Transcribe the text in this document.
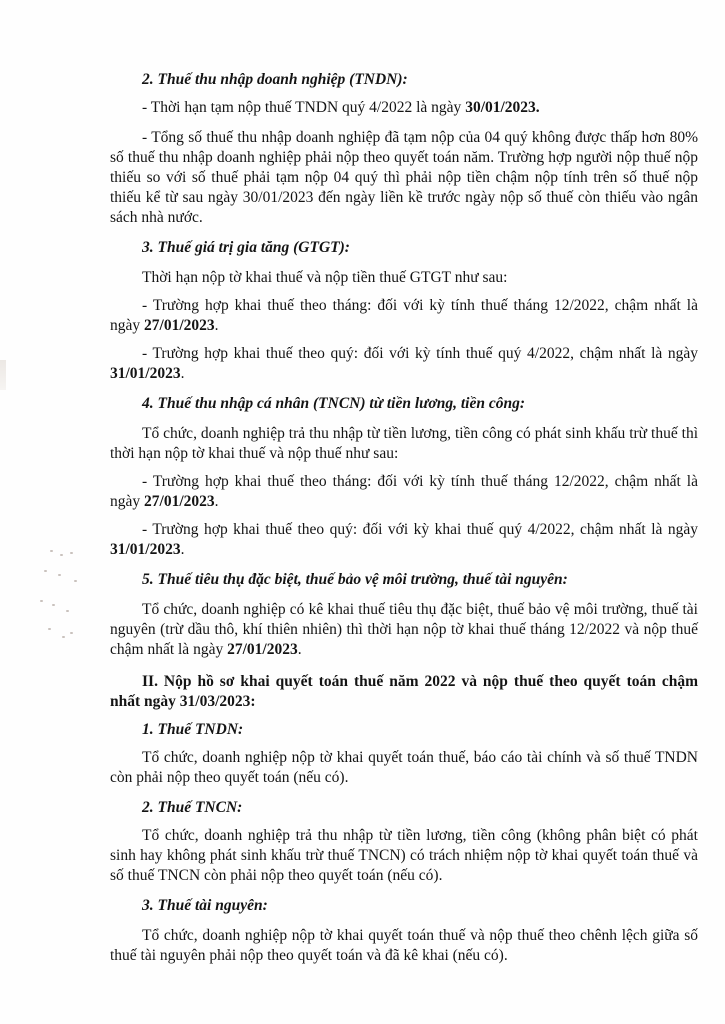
2. Thuế thu nhập doanh nghiệp (TNDN):

- Thời hạn tạm nộp thuế TNDN quý 4/2022 là ngày 30/01/2023.

- Tổng số thuế thu nhập doanh nghiệp đã tạm nộp của 04 quý không được thấp hơn 80% số thuế thu nhập doanh nghiệp phải nộp theo quyết toán năm. Trường hợp người nộp thuế nộp thiếu so với số thuế phải tạm nộp 04 quý thì phải nộp tiền chậm nộp tính trên số thuế nộp thiếu kể từ sau ngày 30/01/2023 đến ngày liền kề trước ngày nộp số thuế còn thiếu vào ngân sách nhà nước.

3. Thuế giá trị gia tăng (GTGT):

Thời hạn nộp tờ khai thuế và nộp tiền thuế GTGT như sau:

- Trường hợp khai thuế theo tháng: đối với kỳ tính thuế tháng 12/2022, chậm nhất là ngày 27/01/2023.

- Trường hợp khai thuế theo quý: đối với kỳ tính thuế quý 4/2022, chậm nhất là ngày 31/01/2023.

4. Thuế thu nhập cá nhân (TNCN) từ tiền lương, tiền công:

Tổ chức, doanh nghiệp trả thu nhập từ tiền lương, tiền công có phát sinh khấu trừ thuế thì thời hạn nộp tờ khai thuế và nộp thuế như sau:

- Trường hợp khai thuế theo tháng: đối với kỳ tính thuế tháng 12/2022, chậm nhất là ngày 27/01/2023.

- Trường hợp khai thuế theo quý: đối với kỳ khai thuế quý 4/2022, chậm nhất là ngày 31/01/2023.

5. Thuế tiêu thụ đặc biệt, thuế bảo vệ môi trường, thuế tài nguyên:

Tổ chức, doanh nghiệp có kê khai thuế tiêu thụ đặc biệt, thuế bảo vệ môi trường, thuế tài nguyên (trừ dầu thô, khí thiên nhiên) thì thời hạn nộp tờ khai thuế tháng 12/2022 và nộp thuế chậm nhất là ngày 27/01/2023.

II. Nộp hồ sơ khai quyết toán thuế năm 2022 và nộp thuế theo quyết toán chậm nhất ngày 31/03/2023:

1. Thuế TNDN:

Tổ chức, doanh nghiệp nộp tờ khai quyết toán thuế, báo cáo tài chính và số thuế TNDN còn phải nộp theo quyết toán (nếu có).

2. Thuế TNCN:

Tổ chức, doanh nghiệp trả thu nhập từ tiền lương, tiền công (không phân biệt có phát sinh hay không phát sinh khấu trừ thuế TNCN) có trách nhiệm nộp tờ khai quyết toán thuế và số thuế TNCN còn phải nộp theo quyết toán (nếu có).

3. Thuế tài nguyên:

Tổ chức, doanh nghiệp nộp tờ khai quyết toán thuế và nộp thuế theo chênh lệch giữa số thuế tài nguyên phải nộp theo quyết toán và đã kê khai (nếu có).
